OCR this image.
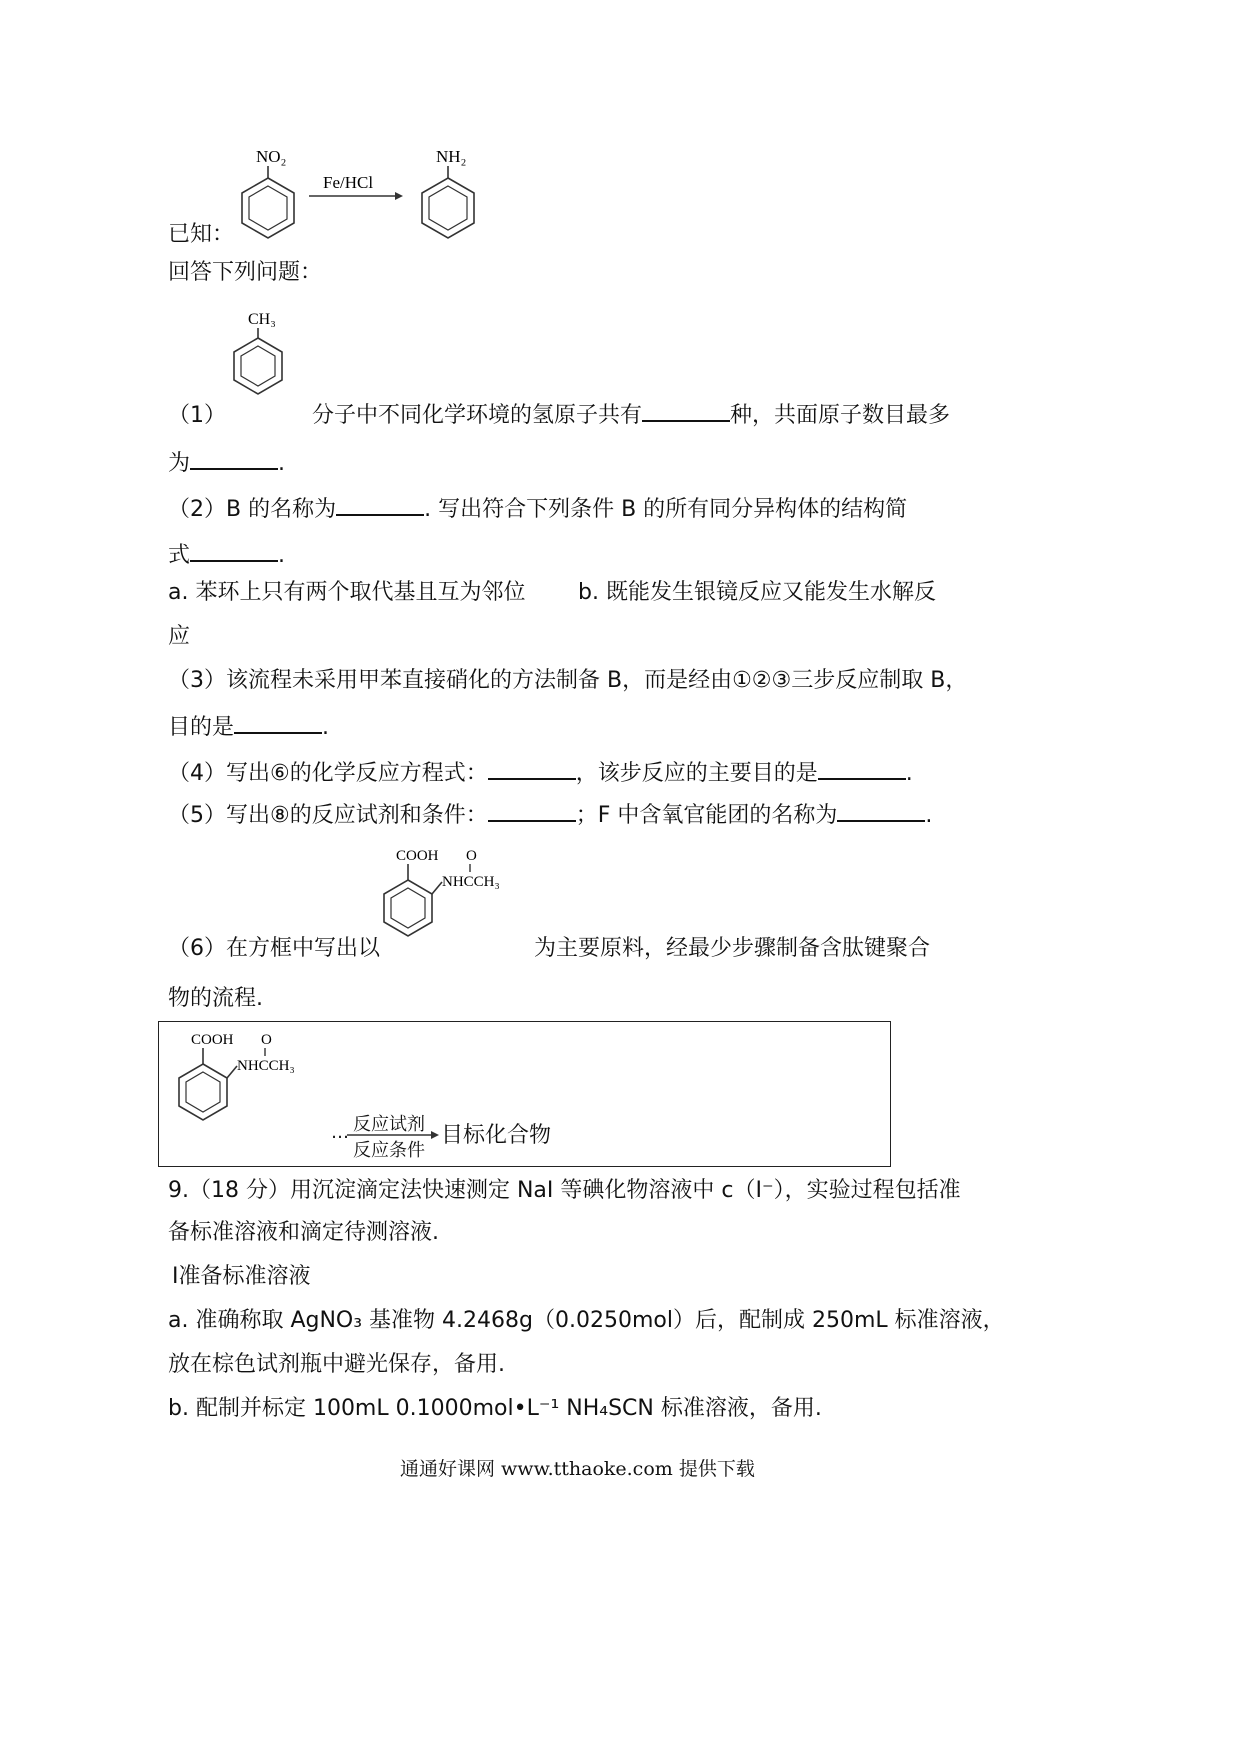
NO₂
Fe/HCl
NH₂
已知：
回答下列问题：
CH₃
（1）	分子中不同化学环境的氢原子共有	种，共面原子数目最多
为	.
（2）B 的名称为	. 写出符合下列条件 B 的所有同分异构体的结构简
式	.
a. 苯环上只有两个取代基且互为邻位 b. 既能发生银镜反应又能发生水解反
应
（3）该流程未采用甲苯直接硝化的方法制备 B，而是经由①②③三步反应制取 B，
目的是	.
（4）写出⑥的化学反应方程式：	，该步反应的主要目的是	.
（5）写出⑧的反应试剂和条件：	；F 中含氧官能团的名称为	.
COOH O
NHCCH₃
（6）在方框中写出以	为主要原料，经最少步骤制备含肽键聚合
物的流程.
COOH O
NHCCH₃
… 反应试剂
反应条件
目标化合物
9.（18 分）用沉淀滴定法快速测定 NaI 等碘化物溶液中 c（I⁻），实验过程包括准
备标准溶液和滴定待测溶液.
Ⅰ准备标准溶液
a. 准确称取 AgNO₃ 基准物 4.2468g（0.0250mol）后，配制成 250mL 标准溶液，
放在棕色试剂瓶中避光保存，备用.
b. 配制并标定 100mL 0.1000mol•L⁻¹ NH₄SCN 标准溶液，备用.
通通好课网 www.tthaoke.com 提供下载
